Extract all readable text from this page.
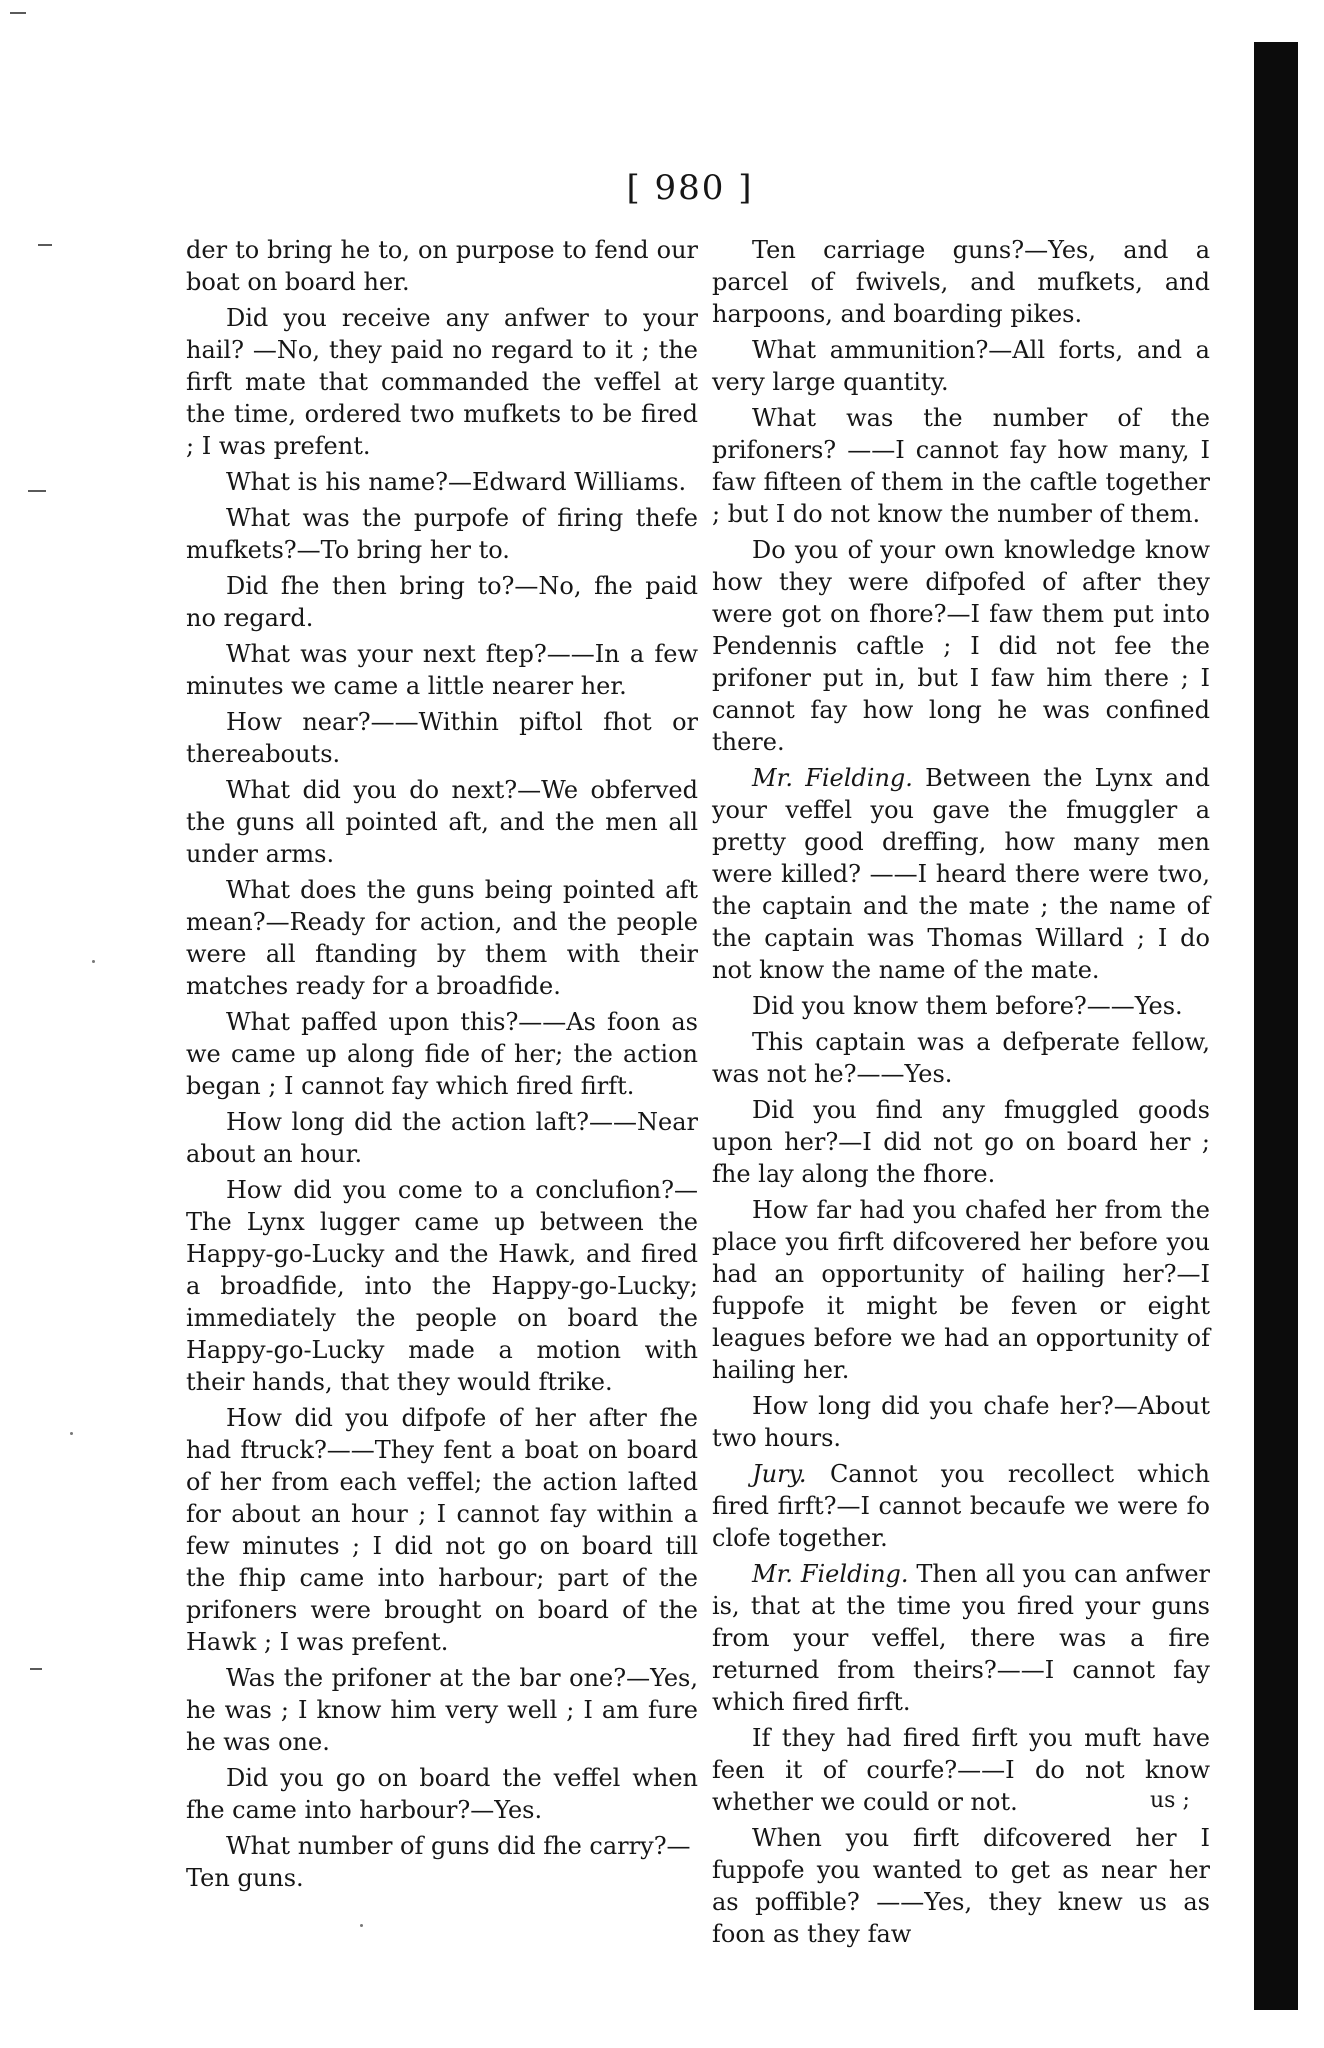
[ 980 ]

der to bring he to, on purpose to fend our boat on board her.

Did you receive any anfwer to your hail? —No, they paid no regard to it ; the firft mate that commanded the veffel at the time, ordered two mufkets to be fired ; I was prefent.

What is his name?—Edward Williams.

What was the purpofe of firing thefe mufkets?—To bring her to.

Did fhe then bring to?—No, fhe paid no regard.

What was your next ftep?——In a few minutes we came a little nearer her.

How near?——Within piftol fhot or thereabouts.

What did you do next?—We obferved the guns all pointed aft, and the men all under arms.

What does the guns being pointed aft mean?—Ready for action, and the people were all ftanding by them with their matches ready for a broadfide.

What paffed upon this?——As foon as we came up along fide of her; the action began ; I cannot fay which fired firft.

How long did the action laft?——Near about an hour.

How did you come to a conclufion?— The Lynx lugger came up between the Happy-go-Lucky and the Hawk, and fired a broadfide, into the Happy-go-Lucky; immediately the people on board the Happy-go-Lucky made a motion with their hands, that they would ftrike.

How did you difpofe of her after fhe had ftruck?——They fent a boat on board of her from each veffel; the action lafted for about an hour ; I cannot fay within a few minutes ; I did not go on board till the fhip came into harbour; part of the prifoners were brought on board of the Hawk ; I was prefent.

Was the prifoner at the bar one?—Yes, he was ; I know him very well ; I am fure he was one.

Did you go on board the veffel when fhe came into harbour?—Yes.

What number of guns did fhe carry?— Ten guns.

Ten carriage guns?—Yes, and a parcel of fwivels, and mufkets, and harpoons, and boarding pikes.

What ammunition?—All forts, and a very large quantity.

What was the number of the prifoners? ——I cannot fay how many, I faw fifteen of them in the caftle together ; but I do not know the number of them.

Do you of your own knowledge know how they were difpofed of after they were got on fhore?—I faw them put into Pendennis caftle ; I did not fee the prifoner put in, but I faw him there ; I cannot fay how long he was confined there.

Mr. Fielding. Between the Lynx and your veffel you gave the fmuggler a pretty good dreffing, how many men were killed? ——I heard there were two, the captain and the mate ; the name of the captain was Thomas Willard ; I do not know the name of the mate.

Did you know them before?——Yes.

This captain was a defperate fellow, was not he?——Yes.

Did you find any fmuggled goods upon her?—I did not go on board her ; fhe lay along the fhore.

How far had you chafed her from the place you firft difcovered her before you had an opportunity of hailing her?—I fuppofe it might be feven or eight leagues before we had an opportunity of hailing her.

How long did you chafe her?—About two hours.

Jury. Cannot you recollect which fired firft?—I cannot becaufe we were fo clofe together.

Mr. Fielding. Then all you can anfwer is, that at the time you fired your guns from your veffel, there was a fire returned from theirs?——I cannot fay which fired firft.

If they had fired firft you muft have feen it of courfe?——I do not know whether we could or not.

When you firft difcovered her I fuppofe you wanted to get as near her as poffible? ——Yes, they knew us as foon as they faw

us ;
